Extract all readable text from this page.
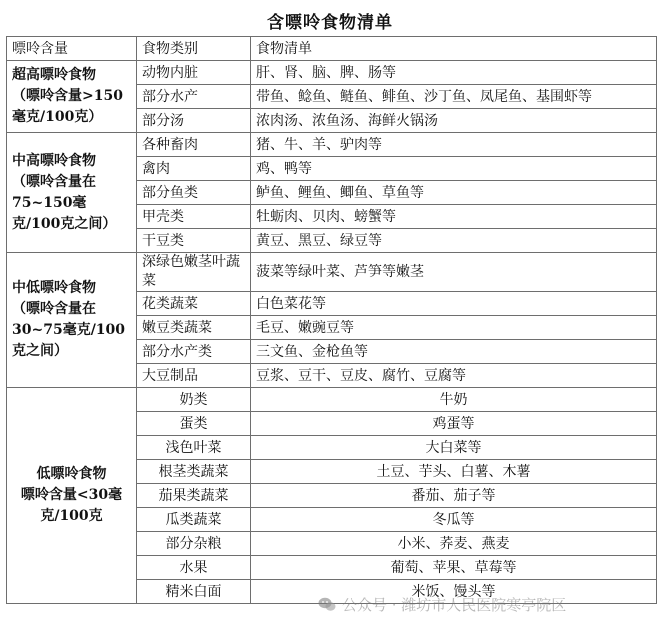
含嘌呤食物清单
嘌呤含量	食物类别	食物清单
超高嘌呤食物
（嘌呤含量>150毫克/100克）	动物内脏	肝、肾、脑、脾、肠等
	部分水产	带鱼、鲶鱼、鲢鱼、鲱鱼、沙丁鱼、凤尾鱼、基围虾等
	部分汤	浓肉汤、浓鱼汤、海鲜火锅汤
中高嘌呤食物
（嘌呤含量在75~150毫克/100克之间）	各种畜肉	猪、牛、羊、驴肉等
	禽肉	鸡、鸭等
	部分鱼类	鲈鱼、鲤鱼、鲫鱼、草鱼等
	甲壳类	牡蛎肉、贝肉、螃蟹等
	干豆类	黄豆、黑豆、绿豆等
中低嘌呤食物
（嘌呤含量在30~75毫克/100克之间）	深绿色嫩茎叶蔬菜	菠菜等绿叶菜、芦笋等嫩茎
	花类蔬菜	白色菜花等
	嫩豆类蔬菜	毛豆、嫩豌豆等
	部分水产类	三文鱼、金枪鱼等
	大豆制品	豆浆、豆干、豆皮、腐竹、豆腐等
低嘌呤食物
嘌呤含量<30毫克/100克	奶类	牛奶
	蛋类	鸡蛋等
	浅色叶菜	大白菜等
	根茎类蔬菜	土豆、芋头、白薯、木薯
	茄果类蔬菜	番茄、茄子等
	瓜类蔬菜	冬瓜等
	部分杂粮	小米、荞麦、燕麦
	水果	葡萄、苹果、草莓等
	精米白面	米饭、馒头等
公众号 · 潍坊市人民医院寒亭院区
